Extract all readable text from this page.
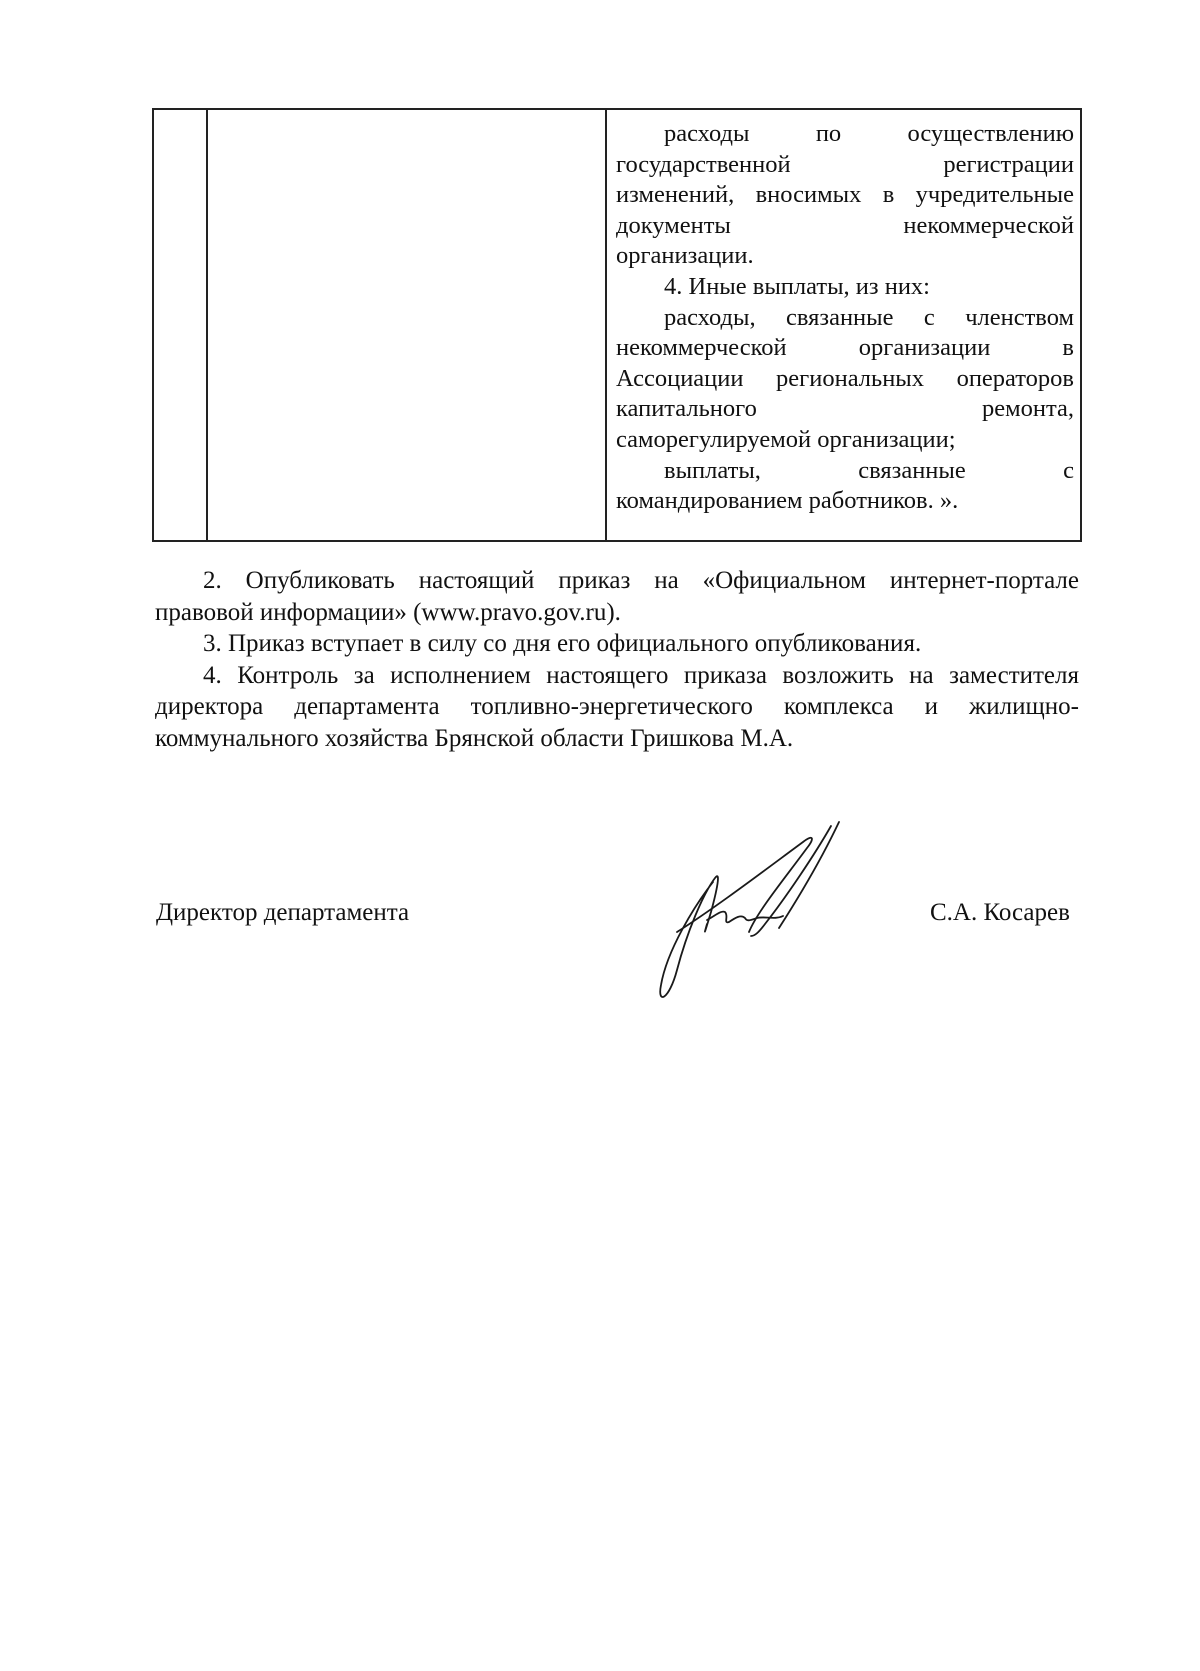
расходы по осуществлению
государственной регистрации
изменений, вносимых в учредительные
документы некоммерческой
организации.
4. Иные выплаты, из них:
расходы, связанные с членством
некоммерческой организации в
Ассоциации региональных операторов
капитального ремонта,
саморегулируемой организации;
выплаты, связанные с
командированием работников. ».
2. Опубликовать настоящий приказ на «Официальном интернет-портале
правовой информации» (www.pravo.gov.ru).
3. Приказ вступает в силу со дня его официального опубликования.
4. Контроль за исполнением настоящего приказа возложить на заместителя
директора департамента топливно-энергетического комплекса и жилищно-
коммунального хозяйства Брянской области Гришкова М.А.
Директор департамента	С.А. Косарев
